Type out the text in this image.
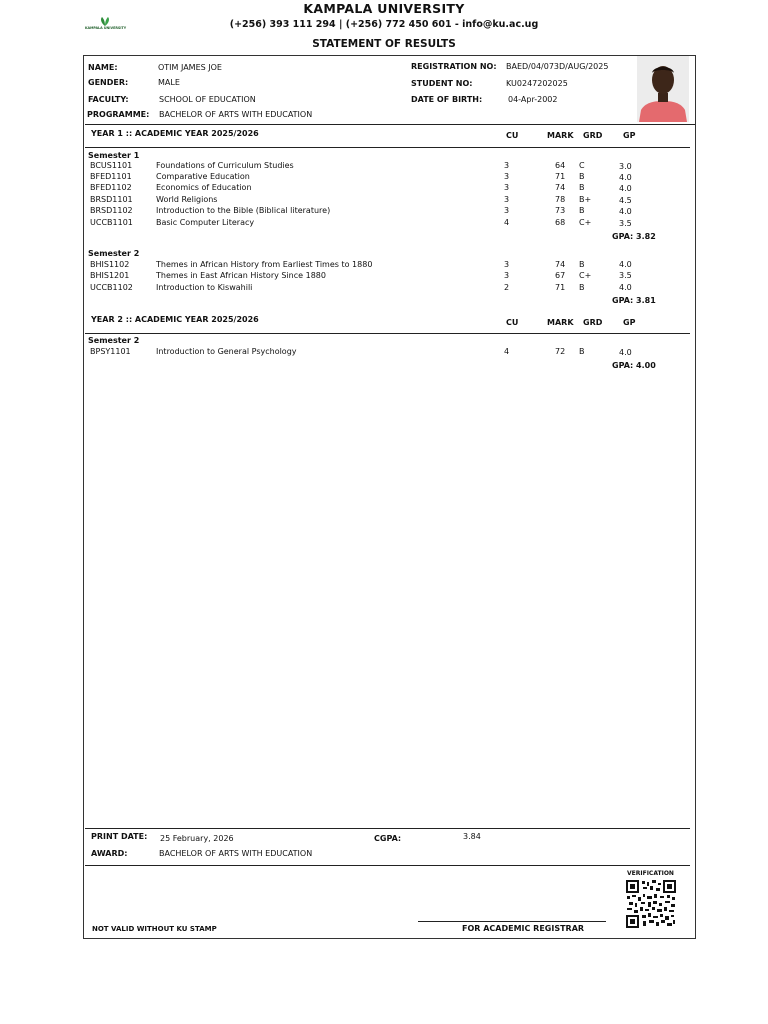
KAMPALA UNIVERSITY
KAMPALA UNIVERSITY
(+256) 393 111 294 | (+256) 772 450 601 - info@ku.ac.ug
STATEMENT OF RESULTS
NAME:	OTIM JAMES JOE
GENDER:	MALE
FACULTY:	SCHOOL OF EDUCATION
PROGRAMME: BACHELOR OF ARTS WITH EDUCATION
REGISTRATION NO: BAED/04/073D/AUG/2025
STUDENT NO:	KU0247202025
DATE OF BIRTH:	04-Apr-2002
YEAR 1 :: ACADEMIC YEAR 2025/2026	CU	MARK GRD	GP
Semester 1
BCUS1101	Foundations of Curriculum Studies	3	64 C	3.0
BFED1101	Comparative Education	3	71 B	4.0
BFED1102	Economics of Education	3	74 B	4.0
BRSD1101	World Religions	3	78 B+	4.5
BRSD1102	Introduction to the Bible (Biblical literature)	3	73 B	4.0
UCCB1101	Basic Computer Literacy	4	68 C+	3.5
GPA: 3.82
Semester 2
BHIS1102	Themes in African History from Earliest Times to 1880	3	74 B	4.0
BHIS1201	Themes in East African History Since 1880	3	67 C+	3.5
UCCB1102	Introduction to Kiswahili	2	71 B	4.0
GPA: 3.81
YEAR 2 :: ACADEMIC YEAR 2025/2026	CU	MARK GRD	GP
Semester 2
BPSY1101	Introduction to General Psychology	4	72 B	4.0
GPA: 4.00
PRINT DATE: 25 February, 2026	CGPA:	3.84
AWARD:	BACHELOR OF ARTS WITH EDUCATION
VERIFICATION
NOT VALID WITHOUT KU STAMP	FOR ACADEMIC REGISTRAR
